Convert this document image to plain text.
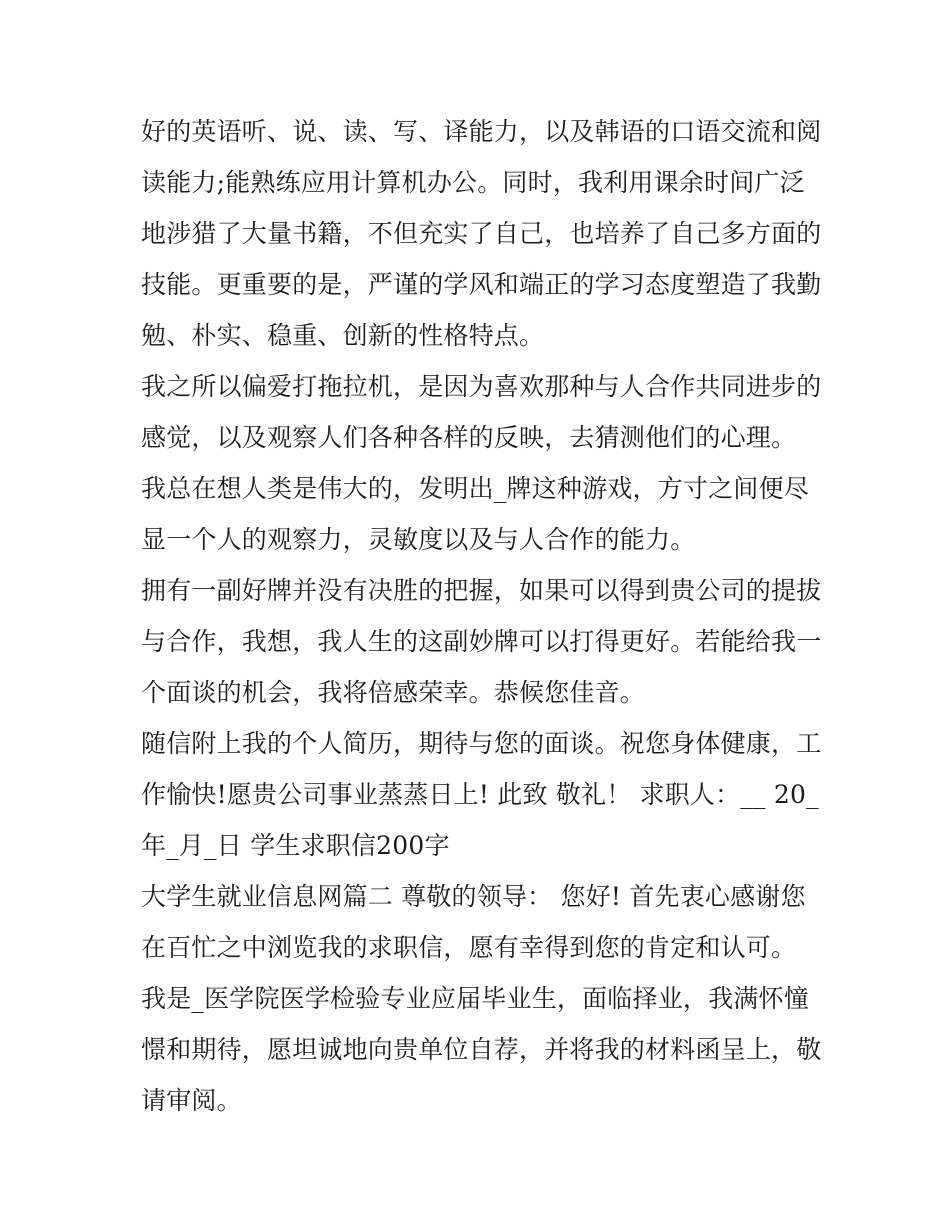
好的英语听、说、读、写、译能力，以及韩语的口语交流和阅
读能力;能熟练应用计算机办公。同时，我利用课余时间广泛
地涉猎了大量书籍，不但充实了自己，也培养了自己多方面的
技能。更重要的是，严谨的学风和端正的学习态度塑造了我勤
勉、朴实、稳重、创新的性格特点。
我之所以偏爱打拖拉机，是因为喜欢那种与人合作共同进步的
感觉，以及观察人们各种各样的反映，去猜测他们的心理。
我总在想人类是伟大的，发明出_牌这种游戏，方寸之间便尽
显一个人的观察力，灵敏度以及与人合作的能力。
拥有一副好牌并没有决胜的把握，如果可以得到贵公司的提拔
与合作，我想，我人生的这副妙牌可以打得更好。若能给我一
个面谈的机会，我将倍感荣幸。恭候您佳音。
随信附上我的个人简历，期待与您的面谈。祝您身体健康，工
作愉快!愿贵公司事业蒸蒸日上! 此致 敬礼！ 求职人：__ 20_
年_月_日 学生求职信200字
大学生就业信息网篇二 尊敬的领导： 您好! 首先衷心感谢您
在百忙之中浏览我的求职信，愿有幸得到您的肯定和认可。
我是_医学院医学检验专业应届毕业生，面临择业，我满怀憧
憬和期待，愿坦诚地向贵单位自荐，并将我的材料函呈上，敬
请审阅。
